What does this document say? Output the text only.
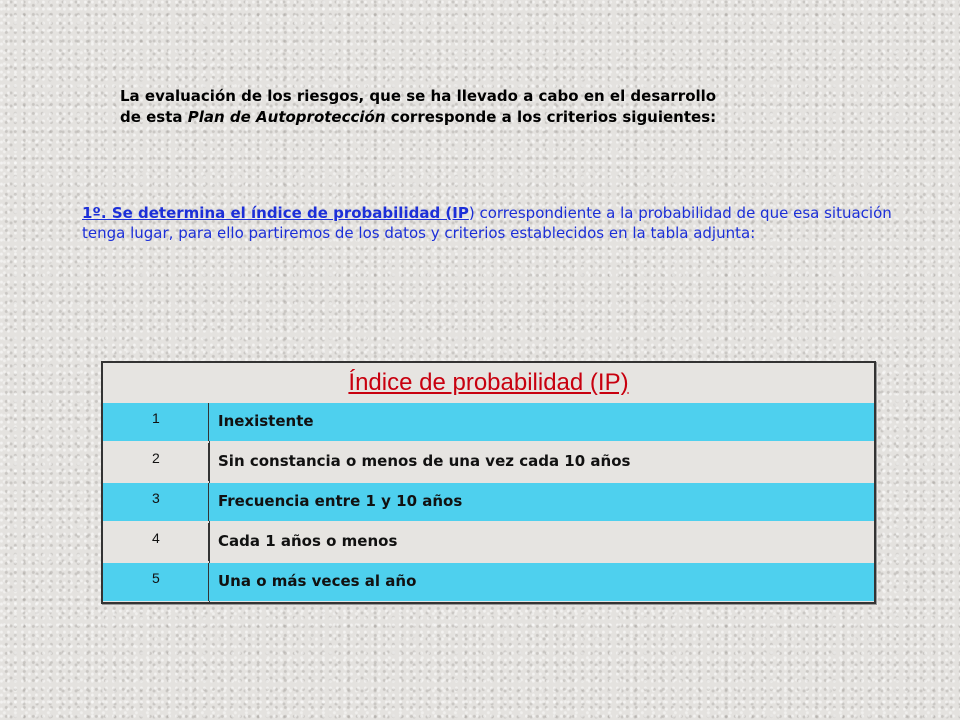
La evaluación de los riesgos, que se ha llevado a cabo en el desarrollo
de esta Plan de Autoprotección corresponde a los criterios siguientes:
1º. Se determina el índice de probabilidad (IP) correspondiente a la probabilidad de que esa situación tenga lugar, para ello partiremos de los datos y criterios establecidos en la tabla adjunta:
Índice de probabilidad (IP)
1	Inexistente
2	Sin constancia o menos de una vez cada 10 años
3	Frecuencia entre 1 y 10 años
4	Cada 1 años o menos
5	Una o más veces al año
